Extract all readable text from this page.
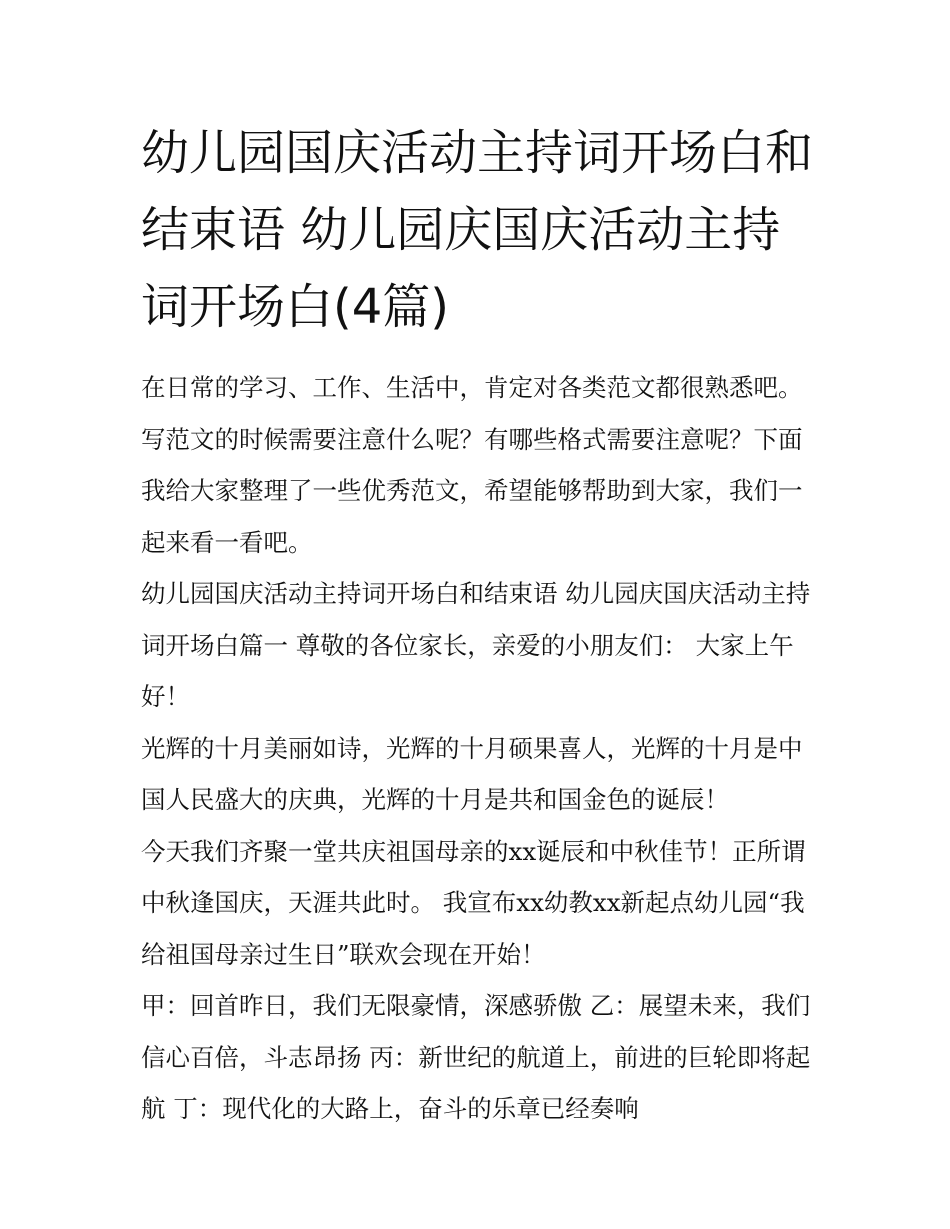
幼儿园国庆活动主持词开场白和结束语 幼儿园庆国庆活动主持词开场白(4篇)

在日常的学习、工作、生活中，肯定对各类范文都很熟悉吧。写范文的时候需要注意什么呢？有哪些格式需要注意呢？下面我给大家整理了一些优秀范文，希望能够帮助到大家，我们一起来看一看吧。

幼儿园国庆活动主持词开场白和结束语 幼儿园庆国庆活动主持词开场白篇一 尊敬的各位家长，亲爱的小朋友们： 大家上午好！

光辉的十月美丽如诗，光辉的十月硕果喜人，光辉的十月是中国人民盛大的庆典，光辉的十月是共和国金色的诞辰！

今天我们齐聚一堂共庆祖国母亲的xx诞辰和中秋佳节！正所谓中秋逢国庆，天涯共此时。 我宣布xx幼教xx新起点幼儿园“我给祖国母亲过生日”联欢会现在开始！

甲：回首昨日，我们无限豪情，深感骄傲 乙：展望未来，我们信心百倍，斗志昂扬 丙：新世纪的航道上，前进的巨轮即将起航 丁：现代化的大路上，奋斗的乐章已经奏响
